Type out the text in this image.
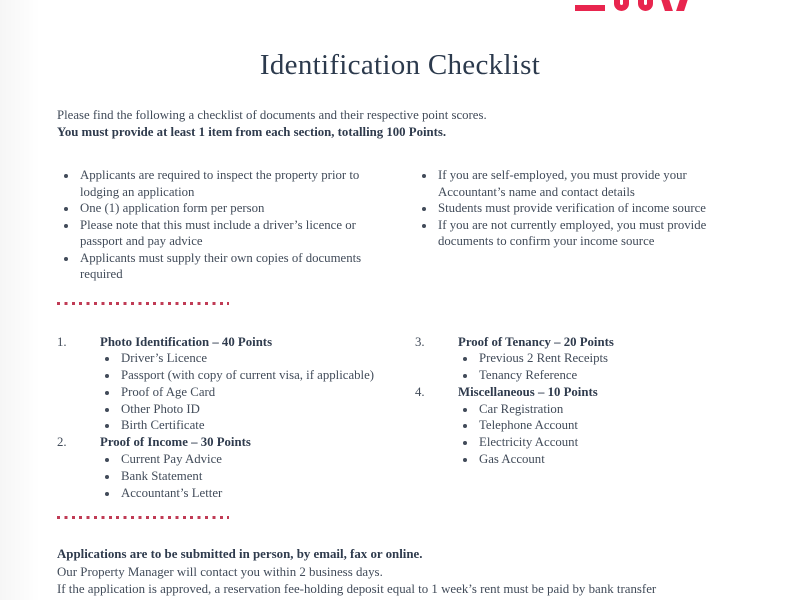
Identification Checklist
Please find the following a checklist of documents and their respective point scores.
You must provide at least 1 item from each section, totalling 100 Points.
• Applicants are required to inspect the property prior to lodging an application
• One (1) application form per person
• Please note that this must include a driver’s licence or passport and pay advice
• Applicants must supply their own copies of documents required
• If you are self-employed, you must provide your Accountant’s name and contact details
• Students must provide verification of income source
• If you are not currently employed, you must provide documents to confirm your income source
1.	Photo Identification – 40 Points
• Driver’s Licence
• Passport (with copy of current visa, if applicable)
• Proof of Age Card
• Other Photo ID
• Birth Certificate
2.	Proof of Income – 30 Points
• Current Pay Advice
• Bank Statement
• Accountant’s Letter
3.	Proof of Tenancy – 20 Points
• Previous 2 Rent Receipts
• Tenancy Reference
4.	Miscellaneous – 10 Points
• Car Registration
• Telephone Account
• Electricity Account
• Gas Account
Applications are to be submitted in person, by email, fax or online.
Our Property Manager will contact you within 2 business days.
If the application is approved, a reservation fee-holding deposit equal to 1 week’s rent must be paid by bank transfer
